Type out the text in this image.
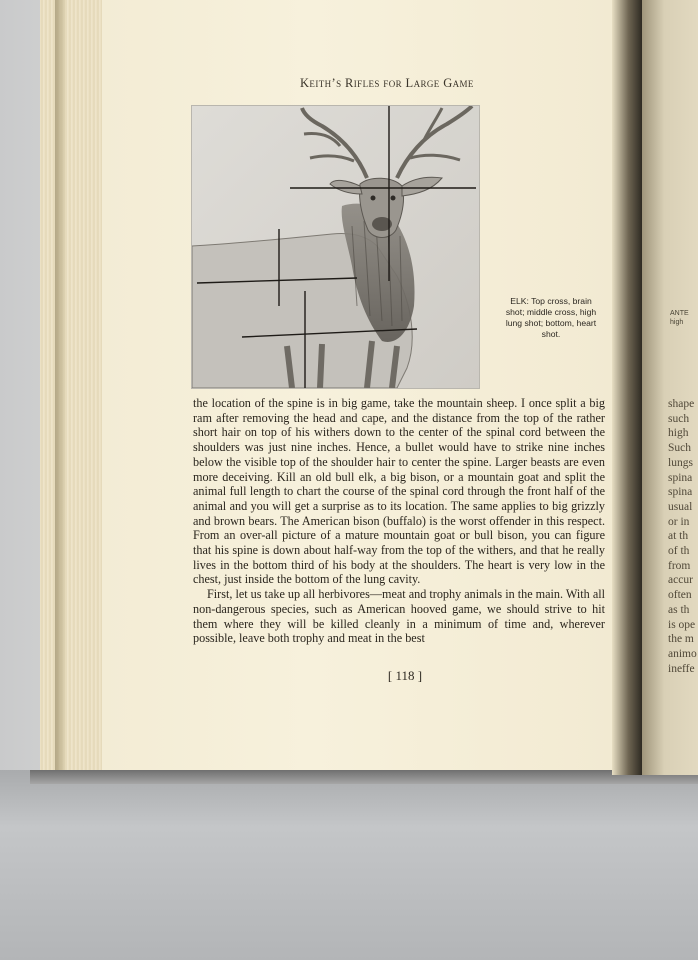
ANTE
high
shape
such
high
Such
lungs
spina
spina
usual
or in
at th
of th
from
accur
often
as th
is ope
the m
animo
ineffe
Keith’s Rifles for Large Game
ELK: Top cross, brain
shot; middle cross, high
lung shot; bottom, heart
shot.

the location of the spine is in big game, take the mountain sheep. I once split a big ram after removing the head and cape, and the distance from the top of the rather short hair on top of his withers down to the center of the spinal cord between the shoulders was just nine inches. Hence, a bullet would have to strike nine inches below the visible top of the shoulder hair to center the spine. Larger beasts are even more deceiving. Kill an old bull elk, a big bison, or a mountain goat and split the animal full length to chart the course of the spinal cord through the front half of the animal and you will get a surprise as to its location. The same applies to big grizzly and brown bears. The American bison (buffalo) is the worst offender in this respect. From an over-all picture of a mature mountain goat or bull bison, you can figure that his spine is down about half-way from the top of the withers, and that he really lives in the bottom third of his body at the shoulders. The heart is very low in the chest, just inside the bottom of the lung cavity.

First, let us take up all herbivores—meat and trophy animals in the main. With all non-dangerous species, such as American hooved game, we should strive to hit them where they will be killed cleanly in a minimum of time and, wherever possible, leave both trophy and meat in the best

[ 118 ]
